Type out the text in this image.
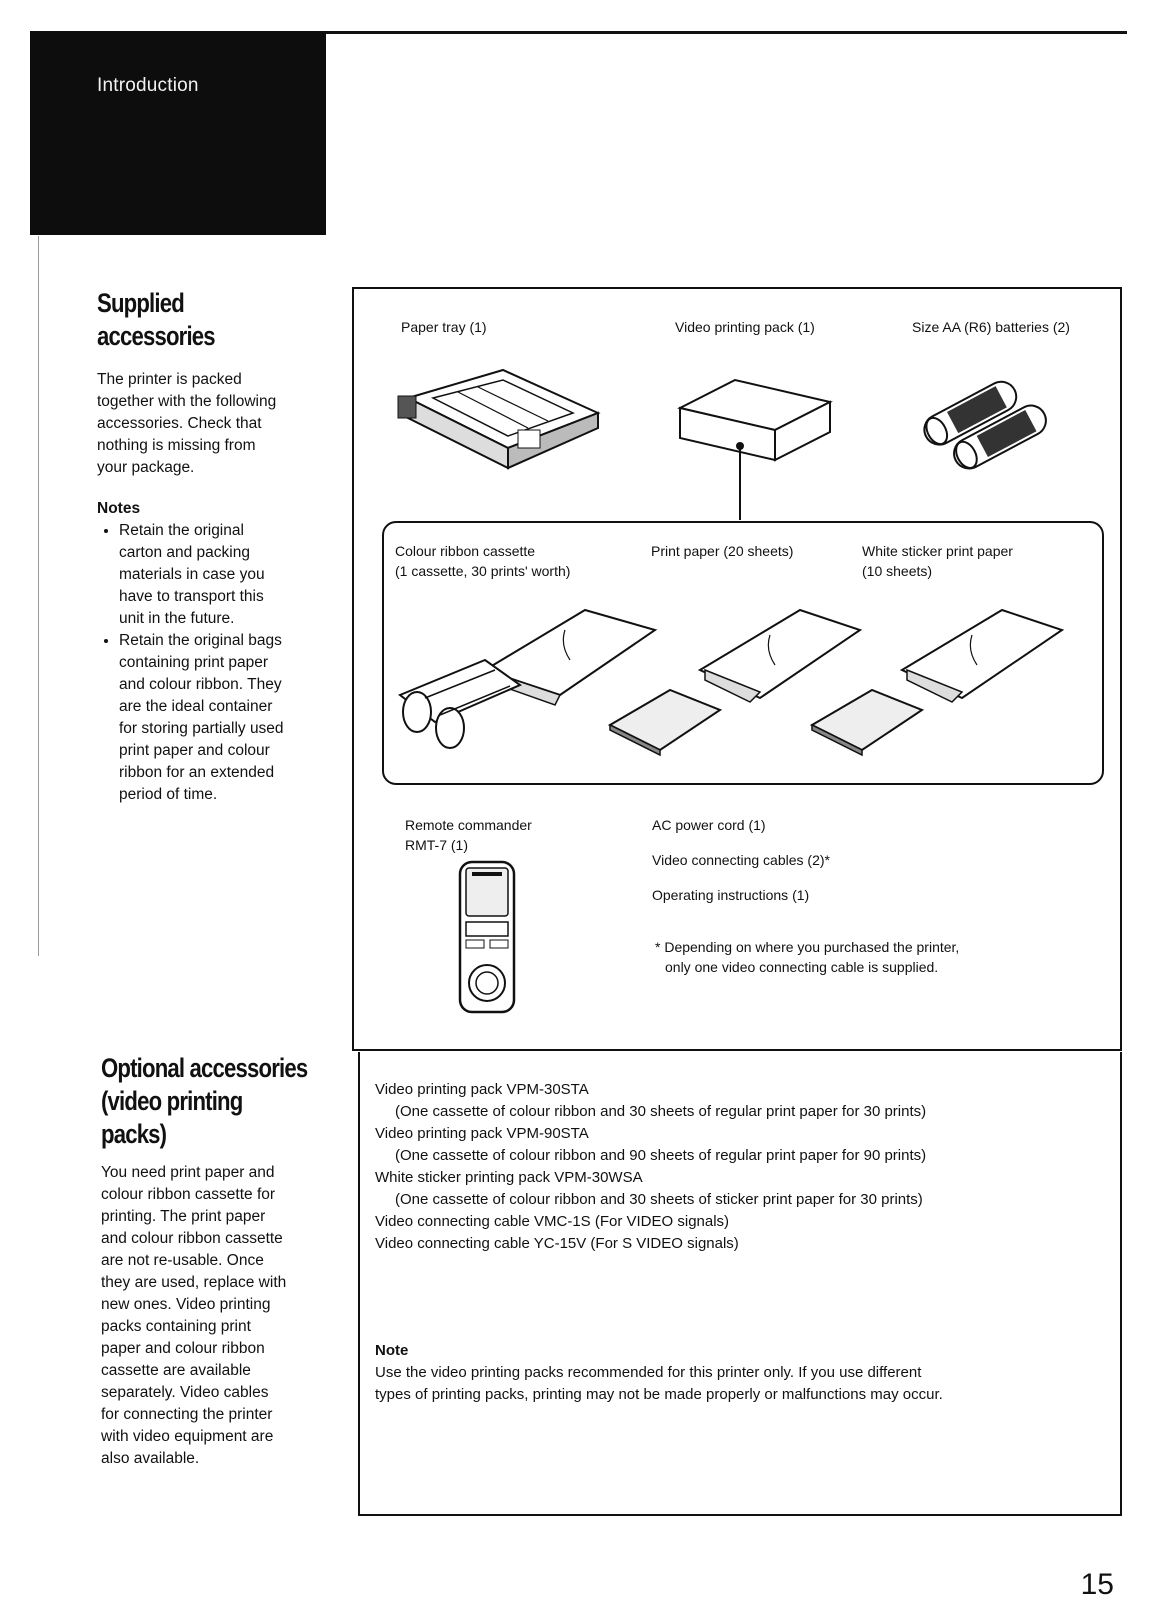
Introduction
Supplied
accessories
The printer is packed
together with the following
accessories. Check that
nothing is missing from
your package.
Notes
• Retain the original
carton and packing
materials in case you
have to transport this
unit in the future.
• Retain the original bags
containing print paper
and colour ribbon. They
are the ideal container
for storing partially used
print paper and colour
ribbon for an extended
period of time.
Paper tray (1)	Video printing pack (1)	Size AA (R6) batteries (2)
Colour ribbon cassette
(1 cassette, 30 prints' worth)
Print paper (20 sheets)	White sticker print paper
(10 sheets)
Remote commander
RMT-7 (1)
AC power cord (1)
Video connecting cables (2)*
Operating instructions (1)
* Depending on where you purchased the printer,
only one video connecting cable is supplied.
Optional accessories
(video printing
packs)
You need print paper and
colour ribbon cassette for
printing. The print paper
and colour ribbon cassette
are not re-usable. Once
they are used, replace with
new ones. Video printing
packs containing print
paper and colour ribbon
cassette are available
separately. Video cables
for connecting the printer
with video equipment are
also available.
Video printing pack VPM-30STA
(One cassette of colour ribbon and 30 sheets of regular print paper for 30 prints)
Video printing pack VPM-90STA
(One cassette of colour ribbon and 90 sheets of regular print paper for 90 prints)
White sticker printing pack VPM-30WSA
(One cassette of colour ribbon and 30 sheets of sticker print paper for 30 prints)
Video connecting cable VMC-1S (For VIDEO signals)
Video connecting cable YC-15V (For S VIDEO signals)
Note
Use the video printing packs recommended for this printer only. If you use different
types of printing packs, printing may not be made properly or malfunctions may occur.
15
